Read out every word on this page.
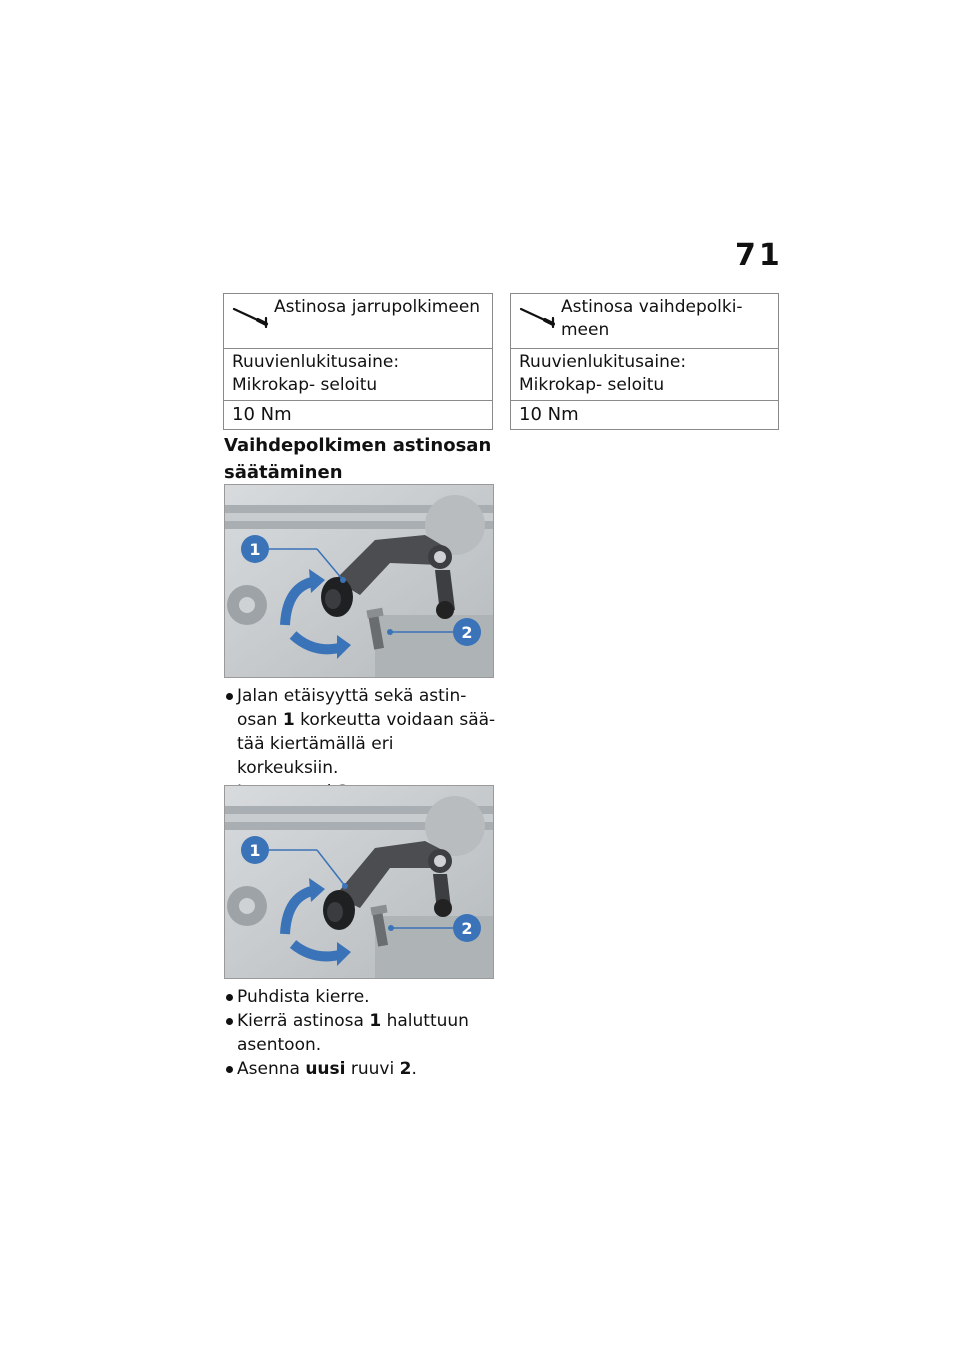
71
Astinosa jarrupolkimeen
Ruuvienlukitusaine: Mikrokap- seloitu
10 Nm
Astinosa vaihdepolki- meen
Ruuvienlukitusaine: Mikrokap- seloitu
10 Nm
Vaihdepolkimen astinosan säätäminen
1
2
Jalan etäisyyttä sekä astin-
osan 1 korkeutta voidaan sää-
tää kiertämällä eri korkeuksiin.
1
2
Puhdista kierre.
Kierrä astinosa 1 haluttuun
asentoon.
Asenna uusi ruuvi 2.
